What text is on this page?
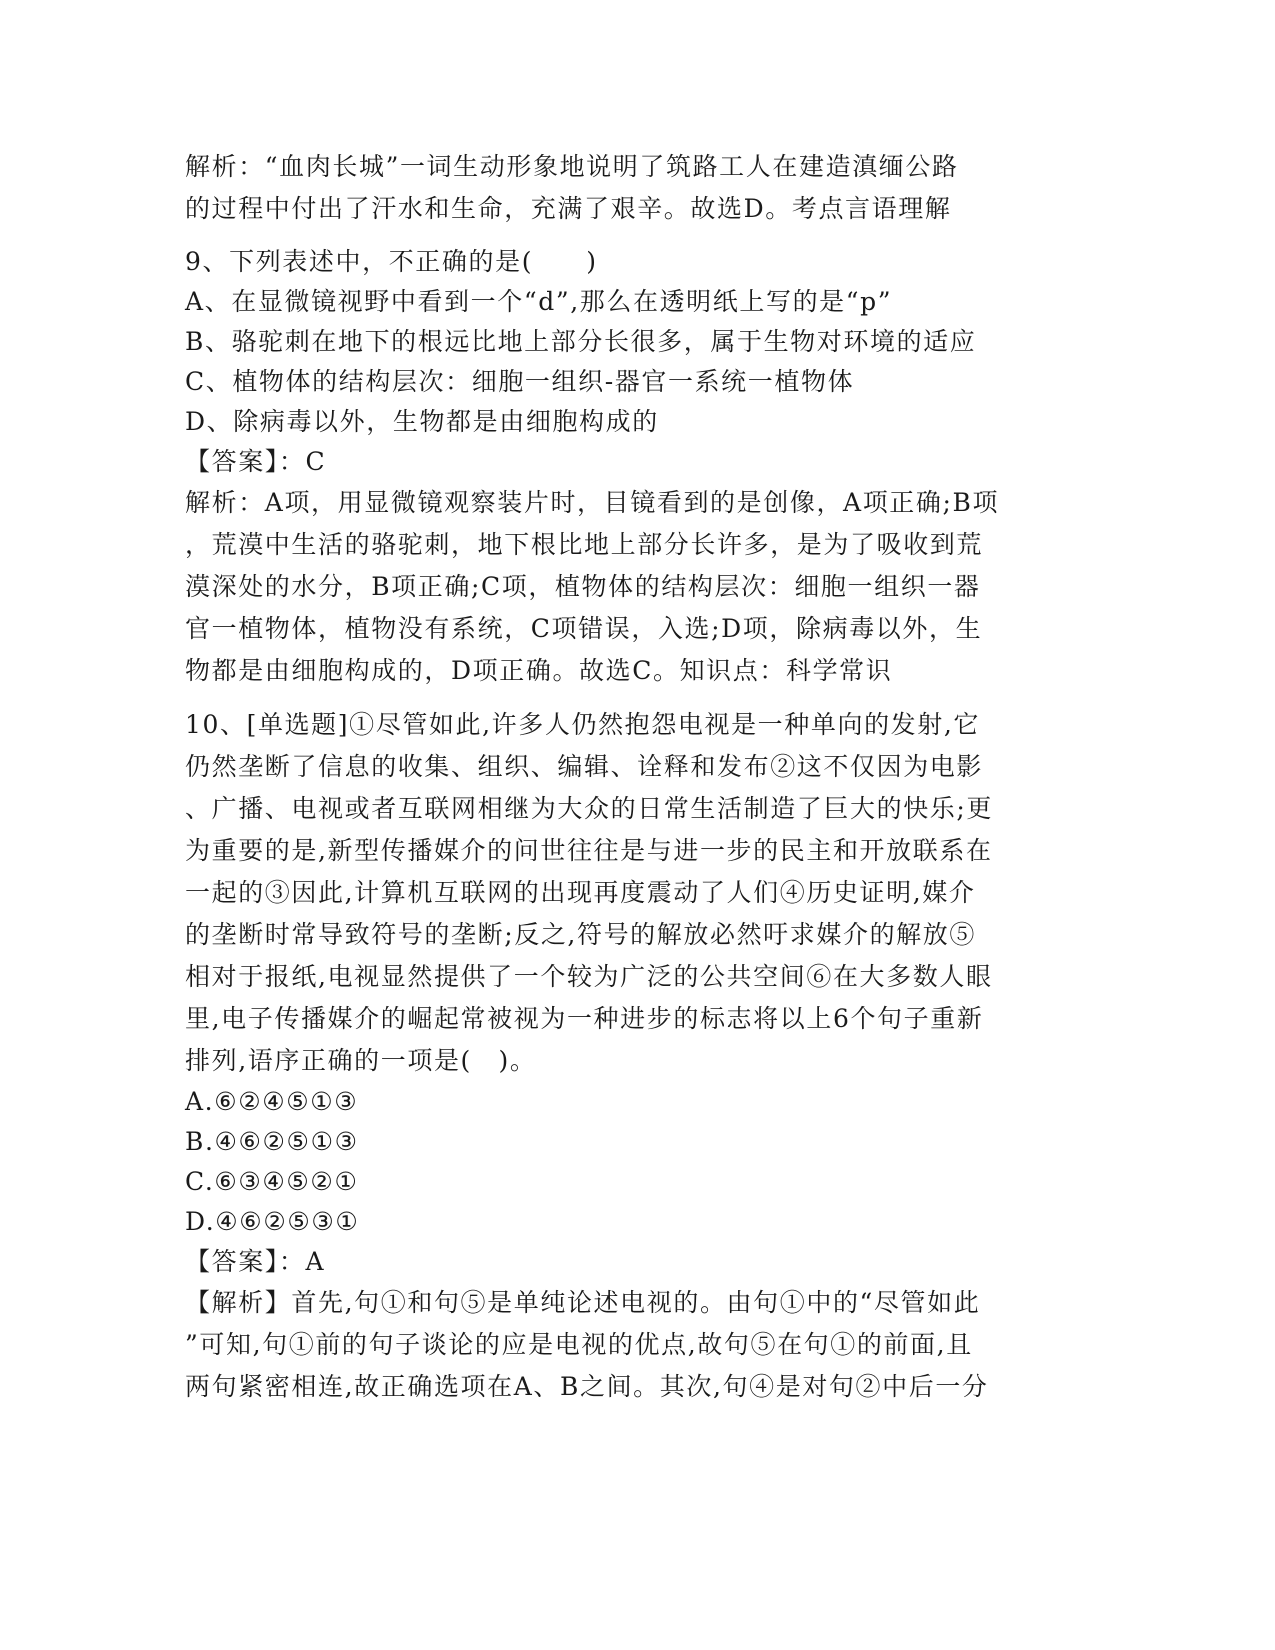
解析：“血肉长城”一词生动形象地说明了筑路工人在建造滇缅公路
的过程中付出了汗水和生命，充满了艰辛。故选D。考点言语理解
9、下列表述中，不正确的是(　　)
A、在显微镜视野中看到一个“d”,那么在透明纸上写的是“p”
B、骆驼刺在地下的根远比地上部分长很多，属于生物对环境的适应
C、植物体的结构层次：细胞一组织-器官一系统一植物体
D、除病毒以外，生物都是由细胞构成的
【答案】：C
解析：A项，用显微镜观察装片时，目镜看到的是创像，A项正确;B项
，荒漠中生活的骆驼刺，地下根比地上部分长许多，是为了吸收到荒
漠深处的水分，B项正确;C项，植物体的结构层次：细胞一组织一器
官一植物体，植物没有系统，C项错误，入选;D项，除病毒以外，生
物都是由细胞构成的，D项正确。故选C。知识点：科学常识
10、[单选题]①尽管如此,许多人仍然抱怨电视是一种单向的发射,它
仍然垄断了信息的收集、组织、编辑、诠释和发布②这不仅因为电影
、广播、电视或者互联网相继为大众的日常生活制造了巨大的快乐;更
为重要的是,新型传播媒介的问世往往是与进一步的民主和开放联系在
一起的③因此,计算机互联网的出现再度震动了人们④历史证明,媒介
的垄断时常导致符号的垄断;反之,符号的解放必然吁求媒介的解放⑤
相对于报纸,电视显然提供了一个较为广泛的公共空间⑥在大多数人眼
里,电子传播媒介的崛起常被视为一种进步的标志将以上6个句子重新
排列,语序正确的一项是(　)。
A.⑥②④⑤①③
B.④⑥②⑤①③
C.⑥③④⑤②①
D.④⑥②⑤③①
【答案】：A
【解析】首先,句①和句⑤是单纯论述电视的。由句①中的“尽管如此
”可知,句①前的句子谈论的应是电视的优点,故句⑤在句①的前面,且
两句紧密相连,故正确选项在A、B之间。其次,句④是对句②中后一分
